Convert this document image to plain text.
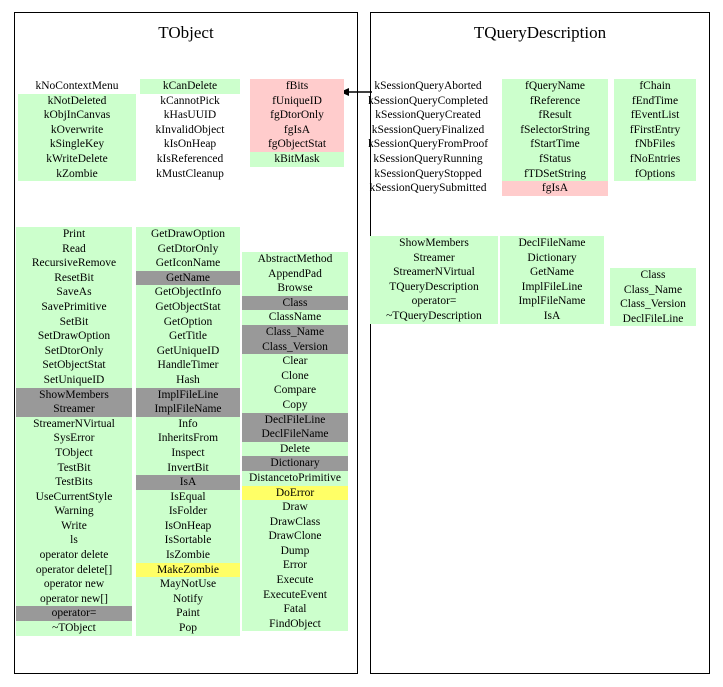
TObject	TQueryDescription
kNoContextMenu
kNotDeleted
kObjInCanvas
kOverwrite
kSingleKey
kWriteDelete
kZombie
kCanDelete
kCannotPick
kHasUUID
kInvalidObject
kIsOnHeap
kIsReferenced
kMustCleanup
fBits
fUniqueID
fgDtorOnly
fgIsA
fgObjectStat
kBitMask
Print
Read
RecursiveRemove
ResetBit
SaveAs
SavePrimitive
SetBit
SetDrawOption
SetDtorOnly
SetObjectStat
SetUniqueID
ShowMembers
Streamer
StreamerNVirtual
SysError
TObject
TestBit
TestBits
UseCurrentStyle
Warning
Write
ls
operator delete
operator delete[]
operator new
operator new[]
operator=
~TObject
GetDrawOption
GetDtorOnly
GetIconName
GetName
GetObjectInfo
GetObjectStat
GetOption
GetTitle
GetUniqueID
HandleTimer
Hash
ImplFileLine
ImplFileName
Info
InheritsFrom
Inspect
InvertBit
IsA
IsEqual
IsFolder
IsOnHeap
IsSortable
IsZombie
MakeZombie
MayNotUse
Notify
Paint
Pop
AbstractMethod
AppendPad
Browse
Class
ClassName
Class_Name
Class_Version
Clear
Clone
Compare
Copy
DeclFileLine
DeclFileName
Delete
Dictionary
DistancetoPrimitive
DoError
Draw
DrawClass
DrawClone
Dump
Error
Execute
ExecuteEvent
Fatal
FindObject
kSessionQueryAborted
kSessionQueryCompleted
kSessionQueryCreated
kSessionQueryFinalized
kSessionQueryFromProof
kSessionQueryRunning
kSessionQueryStopped
kSessionQuerySubmitted
fQueryName
fReference
fResult
fSelectorString
fStartTime
fStatus
fTDSetString
fgIsA
fChain
fEndTime
fEventList
fFirstEntry
fNbFiles
fNoEntries
fOptions
ShowMembers
Streamer
StreamerNVirtual
TQueryDescription
operator=
~TQueryDescription
DeclFileName
Dictionary
GetName
ImplFileLine
ImplFileName
IsA
Class
Class_Name
Class_Version
DeclFileLine
